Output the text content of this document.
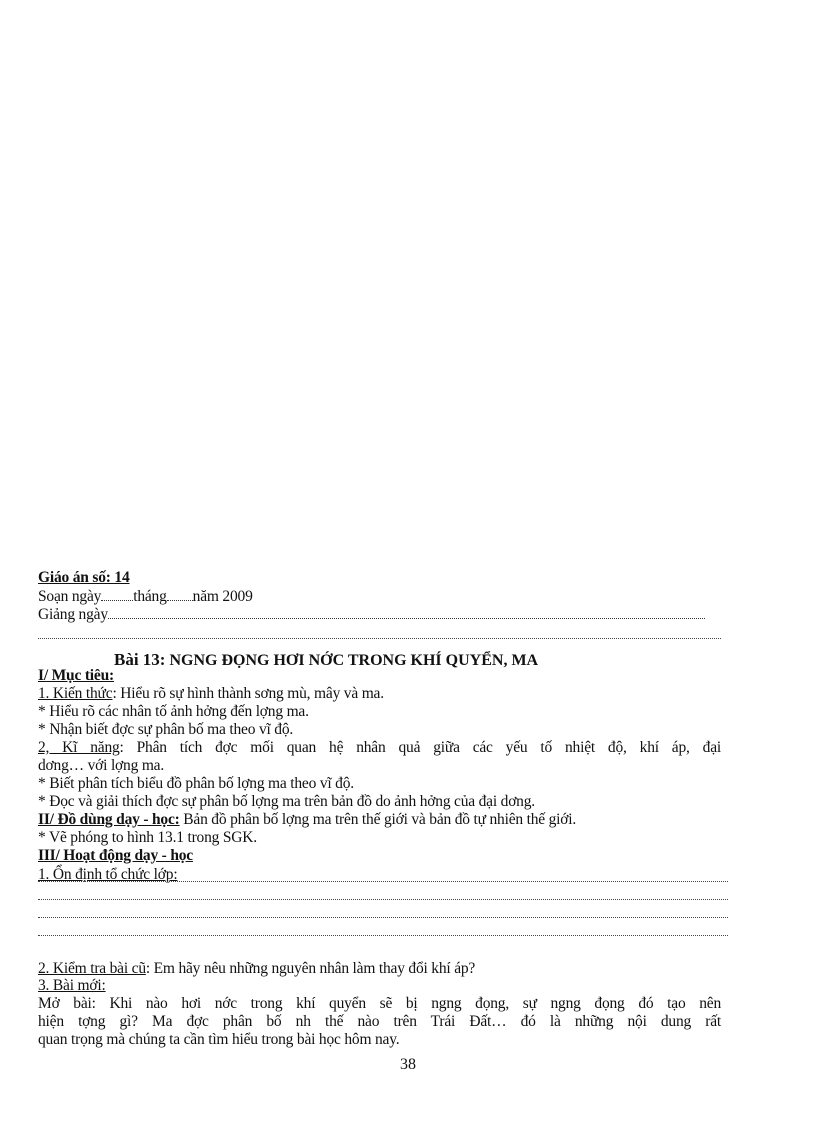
Giáo án số: 14
Soạn ngày tháng năm 2009
Giảng ngày
Bài 13: NGNG ĐỌNG HƠI NỚC TRONG KHÍ QUYỂN, MA
I/ Mục tiêu:
1. Kiến thức: Hiểu rõ sự hình thành sơng mù, mây và ma.
* Hiểu rõ các nhân tố ảnh hởng đến lợng ma.
* Nhận biết đợc sự phân bố ma theo vĩ độ.
2, Kĩ năng: Phân tích đợc mối quan hệ nhân quả giữa các yếu tố nhiệt độ, khí áp, đại
dơng… với lợng ma.
* Biết phân tích biểu đồ phân bố lợng ma theo vĩ độ.
* Đọc và giải thích đợc sự phân bố lợng ma trên bản đồ do ảnh hởng của đại dơng.
II/ Đồ dùng dạy - học: Bản đồ phân bố lợng ma trên thế giới và bản đồ tự nhiên thế giới.
* Vẽ phóng to hình 13.1 trong SGK.
III/ Hoạt động dạy - học
1. Ổn định tổ chức lớp:
2. Kiểm tra bài cũ: Em hãy nêu những nguyên nhân làm thay đổi khí áp?
3. Bài mới:
Mở bài: Khi nào hơi nớc trong khí quyển sẽ bị ngng đọng, sự ngng đọng đó tạo nên
hiện tợng gì? Ma đợc phân bố nh thế nào trên Trái Đất… đó là những nội dung rất
quan trọng mà chúng ta cần tìm hiểu trong bài học hôm nay.
38
